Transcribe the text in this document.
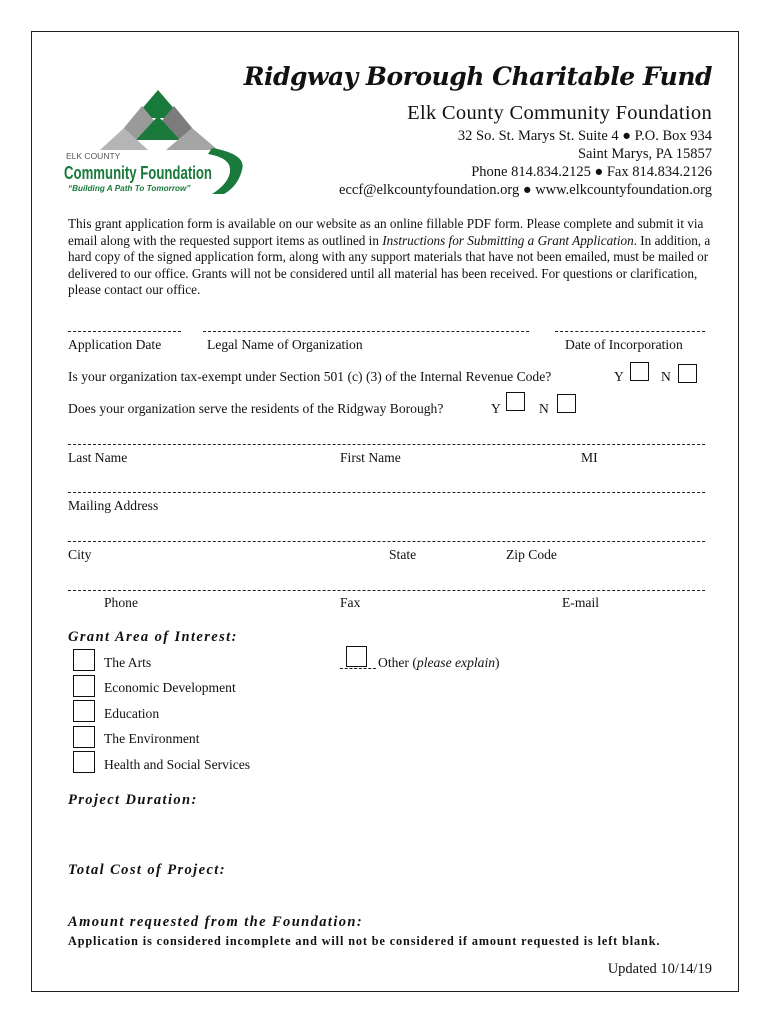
ELK COUNTY
Community Foundation
“Building A Path To Tomorrow”
Ridgway Borough Charitable Fund
Elk County Community Foundation
32 So. St. Marys St. Suite 4 ● P.O. Box 934
Saint Marys, PA 15857
Phone 814.834.2125 ● Fax 814.834.2126
eccf@elkcountyfoundation.org ● www.elkcountyfoundation.org
This grant application form is available on our website as an online fillable PDF form. Please complete and submit it via email along with the requested support items as outlined in Instructions for Submitting a Grant Application. In addition, a hard copy of the signed application form, along with any support materials that have not been emailed, must be mailed or delivered to our office. Grants will not be considered until all material has been received. For questions or clarification, please contact our office.
Application Date	Legal Name of Organization	Date of Incorporation
Is your organization tax-exempt under Section 501 (c) (3) of the Internal Revenue Code?	Y	N
Does your organization serve the residents of the Ridgway Borough?	Y	N
Last Name	First Name	MI
Mailing Address
City	State	Zip Code
Phone	Fax	E-mail
Grant Area of Interest:
The Arts
Economic Development
Education
The Environment
Health and Social Services
Other (please explain)
Project Duration:
Total Cost of Project:
Amount requested from the Foundation:
Application is considered incomplete and will not be considered if amount requested is left blank.
Updated 10/14/19
